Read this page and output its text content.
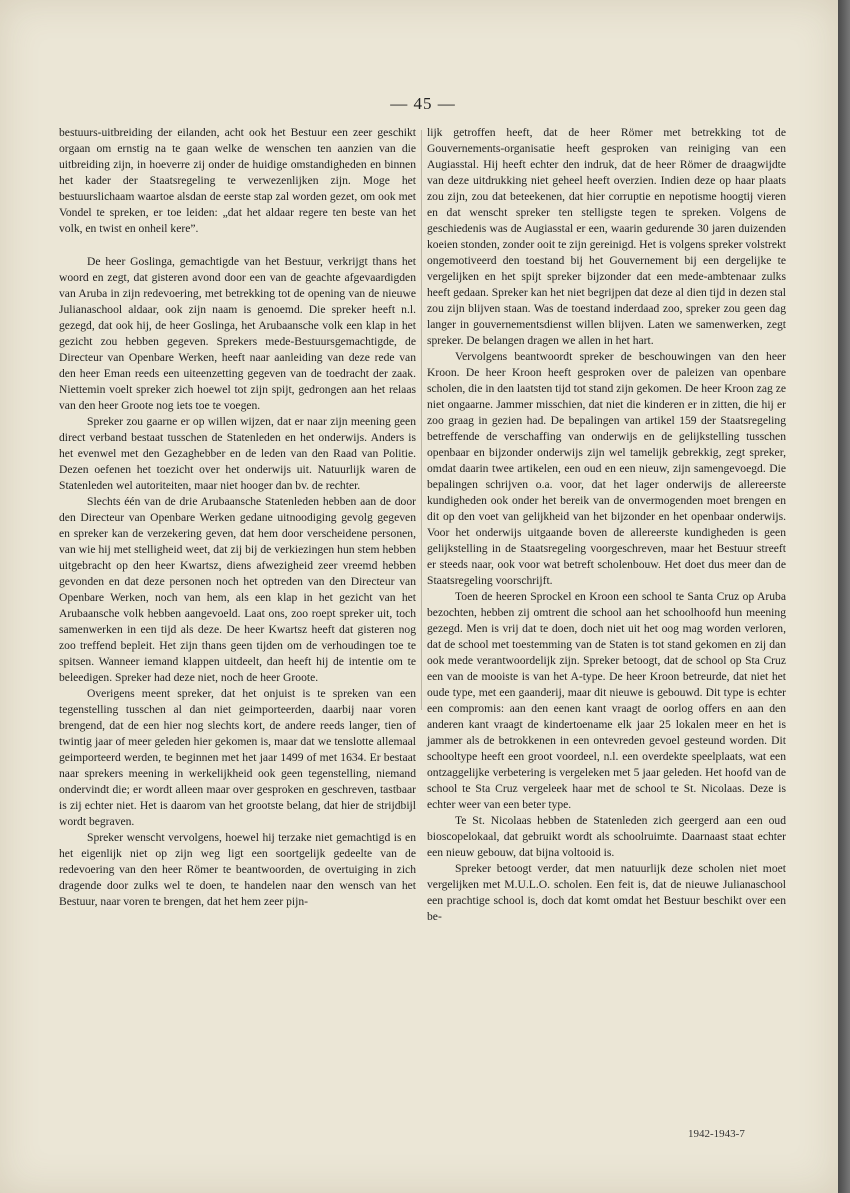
— 45 —

bestuurs-uitbreiding der eilanden, acht ook het Bestuur een zeer geschikt orgaan om ernstig na te gaan welke de wenschen ten aanzien van die uitbreiding zijn, in hoeverre zij onder de huidige omstandigheden en binnen het kader der Staatsregeling te verwezenlijken zijn. Moge het bestuurslichaam waartoe alsdan de eerste stap zal worden gezet, om ook met Vondel te spreken, er toe leiden: „dat het aldaar regere ten beste van het volk, en twist en onheil kere”.

De heer Goslinga, gemachtigde van het Bestuur, verkrijgt thans het woord en zegt, dat gisteren avond door een van de geachte afgevaardigden van Aruba in zijn redevoering, met betrekking tot de opening van de nieuwe Julianaschool aldaar, ook zijn naam is genoemd. Die spreker heeft n.l. gezegd, dat ook hij, de heer Goslinga, het Arubaansche volk een klap in het gezicht zou hebben gegeven. Sprekers mede-Bestuursgemachtigde, de Directeur van Openbare Werken, heeft naar aanleiding van deze rede van den heer Eman reeds een uiteenzetting gegeven van de toedracht der zaak. Niettemin voelt spreker zich hoewel tot zijn spijt, gedrongen aan het relaas van den heer Groote nog iets toe te voegen.

Spreker zou gaarne er op willen wijzen, dat er naar zijn meening geen direct verband bestaat tusschen de Statenleden en het onderwijs. Anders is het evenwel met den Gezaghebber en de leden van den Raad van Politie. Dezen oefenen het toezicht over het onderwijs uit. Natuurlijk waren de Statenleden wel autoriteiten, maar niet hooger dan bv. de rechter.

Slechts één van de drie Arubaansche Statenleden hebben aan de door den Directeur van Openbare Werken gedane uitnoodiging gevolg gegeven en spreker kan de verzekering geven, dat hem door verscheidene personen, van wie hij met stelligheid weet, dat zij bij de verkiezingen hun stem hebben uitgebracht op den heer Kwartsz, diens afwezigheid zeer vreemd hebben gevonden en dat deze personen noch het optreden van den Directeur van Openbare Werken, noch van hem, als een klap in het gezicht van het Arubaansche volk hebben aangevoeld. Laat ons, zoo roept spreker uit, toch samenwerken in een tijd als deze. De heer Kwartsz heeft dat gisteren nog zoo treffend bepleit. Het zijn thans geen tijden om de verhoudingen toe te spitsen. Wanneer iemand klappen uitdeelt, dan heeft hij de intentie om te beleedigen. Spreker had deze niet, noch de heer Groote.

Overigens meent spreker, dat het onjuist is te spreken van een tegenstelling tusschen al dan niet geimporteerden, daarbij naar voren brengend, dat de een hier nog slechts kort, de andere reeds langer, tien of twintig jaar of meer geleden hier gekomen is, maar dat we tenslotte allemaal geimporteerd werden, te beginnen met het jaar 1499 of met 1634. Er bestaat naar sprekers meening in werkelijkheid ook geen tegenstelling, niemand ondervindt die; er wordt alleen maar over gesproken en geschreven, tastbaar is zij echter niet. Het is daarom van het grootste belang, dat hier de strijdbijl wordt begraven.

Spreker wenscht vervolgens, hoewel hij terzake niet gemachtigd is en het eigenlijk niet op zijn weg ligt een soortgelijk gedeelte van de redevoering van den heer Römer te beantwoorden, de overtuiging in zich dragende door zulks wel te doen, te handelen naar den wensch van het Bestuur, naar voren te brengen, dat het hem zeer pijn-

lijk getroffen heeft, dat de heer Römer met betrekking tot de Gouvernements-organisatie heeft gesproken van reiniging van een Augiasstal. Hij heeft echter den indruk, dat de heer Römer de draagwijdte van deze uitdrukking niet geheel heeft overzien. Indien deze op haar plaats zou zijn, zou dat beteekenen, dat hier corruptie en nepotisme hoogtij vieren en dat wenscht spreker ten stelligste tegen te spreken. Volgens de geschiedenis was de Augiasstal er een, waarin gedurende 30 jaren duizenden koeien stonden, zonder ooit te zijn gereinigd. Het is volgens spreker volstrekt ongemotiveerd den toestand bij het Gouvernement bij een dergelijke te vergelijken en het spijt spreker bijzonder dat een mede-ambtenaar zulks heeft gedaan. Spreker kan het niet begrijpen dat deze al dien tijd in dezen stal zou zijn blijven staan. Was de toestand inderdaad zoo, spreker zou geen dag langer in gouvernementsdienst willen blijven. Laten we samenwerken, zegt spreker. De belangen dragen we allen in het hart.

Vervolgens beantwoordt spreker de beschouwingen van den heer Kroon. De heer Kroon heeft gesproken over de paleizen van openbare scholen, die in den laatsten tijd tot stand zijn gekomen. De heer Kroon zag ze niet ongaarne. Jammer misschien, dat niet die kinderen er in zitten, die hij er zoo graag in gezien had. De bepalingen van artikel 159 der Staatsregeling betreffende de verschaffing van onderwijs en de gelijkstelling tusschen openbaar en bijzonder onderwijs zijn wel tamelijk gebrekkig, zegt spreker, omdat daarin twee artikelen, een oud en een nieuw, zijn samengevoegd. Die bepalingen schrijven o.a. voor, dat het lager onderwijs de allereerste kundigheden ook onder het bereik van de onvermogenden moet brengen en dit op den voet van gelijkheid van het bijzonder en het openbaar onderwijs. Voor het onderwijs uitgaande boven de allereerste kundigheden is geen gelijkstelling in de Staatsregeling voorgeschreven, maar het Bestuur streeft er steeds naar, ook voor wat betreft scholenbouw. Het doet dus meer dan de Staatsregeling voorschrijft.

Toen de heeren Sprockel en Kroon een school te Santa Cruz op Aruba bezochten, hebben zij omtrent die school aan het schoolhoofd hun meening gezegd. Men is vrij dat te doen, doch niet uit het oog mag worden verloren, dat de school met toestemming van de Staten is tot stand gekomen en zij dan ook mede verantwoordelijk zijn. Spreker betoogt, dat de school op Sta Cruz een van de mooiste is van het A-type. De heer Kroon betreurde, dat niet het oude type, met een gaanderij, maar dit nieuwe is gebouwd. Dit type is echter een compromis: aan den eenen kant vraagt de oorlog offers en aan den anderen kant vraagt de kindertoename elk jaar 25 lokalen meer en het is jammer als de betrokkenen in een ontevreden gevoel gesteund worden. Dit schooltype heeft een groot voordeel, n.l. een overdekte speelplaats, wat een ontzaggelijke verbetering is vergeleken met 5 jaar geleden. Het hoofd van de school te Sta Cruz vergeleek haar met de school te St. Nicolaas. Deze is echter weer van een beter type.

Te St. Nicolaas hebben de Statenleden zich geergerd aan een oud bioscopelokaal, dat gebruikt wordt als schoolruimte. Daarnaast staat echter een nieuw gebouw, dat bijna voltooid is.

Spreker betoogt verder, dat men natuurlijk deze scholen niet moet vergelijken met M.U.L.O. scholen. Een feit is, dat de nieuwe Julianaschool een prachtige school is, doch dat komt omdat het Bestuur beschikt over een be-

1942-1943-7
